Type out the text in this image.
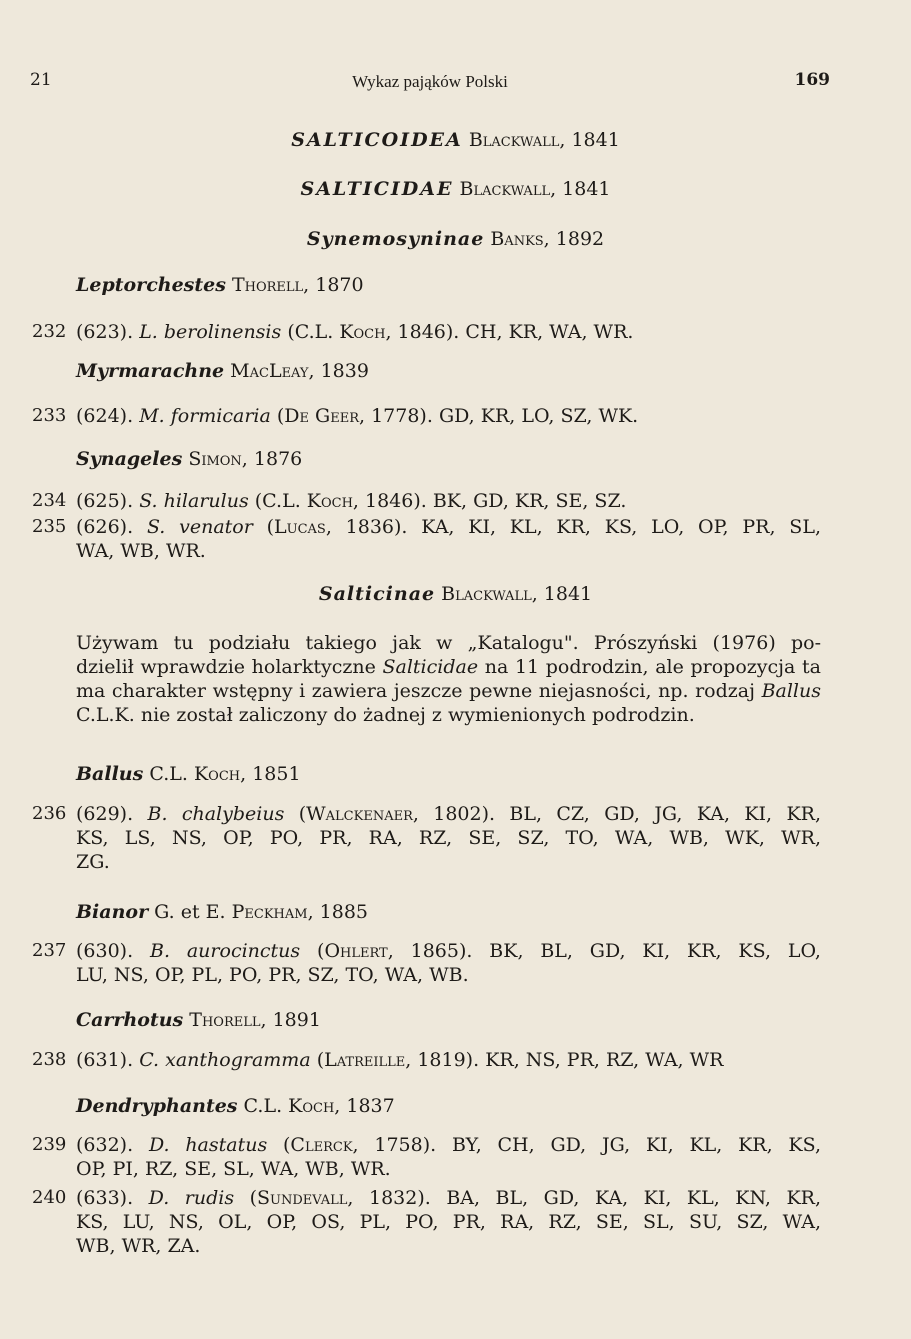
21	Wykaz pająków Polski	169
SALTICOIDEA Blackwall, 1841
SALTICIDAE Blackwall, 1841
Synemosyninae Banks, 1892
Leptorchestes Thorell, 1870
232 (623). L. berolinensis (C.L. Koch, 1846). CH, KR, WA, WR.
Myrmarachne MacLeay, 1839
233 (624). M. formicaria (De Geer, 1778). GD, KR, LO, SZ, WK.
Synageles Simon, 1876
234 (625). S. hilarulus (C.L. Koch, 1846). BK, GD, KR, SE, SZ.
235 (626). S. venator (Lucas, 1836). KA, KI, KL, KR, KS, LO, OP, PR, SL,
WA, WB, WR.
Salticinae Blackwall, 1841
Używam tu podziału takiego jak w „Katalogu". Prószyński (1976) po-
dzielił wprawdzie holarktyczne Salticidae na 11 podrodzin, ale propozycja ta
ma charakter wstępny i zawiera jeszcze pewne niejasności, np. rodzaj Ballus
C.L.K. nie został zaliczony do żadnej z wymienionych podrodzin.
Ballus C.L. Koch, 1851
236 (629). B. chalybeius (Walckenaer, 1802). BL, CZ, GD, JG, KA, KI, KR,
KS, LS, NS, OP, PO, PR, RA, RZ, SE, SZ, TO, WA, WB, WK, WR,
ZG.
Bianor G. et E. Peckham, 1885
237 (630). B. aurocinctus (Ohlert, 1865). BK, BL, GD, KI, KR, KS, LO,
LU, NS, OP, PL, PO, PR, SZ, TO, WA, WB.
Carrhotus Thorell, 1891
238 (631). C. xanthogramma (Latreille, 1819). KR, NS, PR, RZ, WA, WR
Dendryphantes C.L. Koch, 1837
239 (632). D. hastatus (Clerck, 1758). BY, CH, GD, JG, KI, KL, KR, KS,
OP, PI, RZ, SE, SL, WA, WB, WR.
240 (633). D. rudis (Sundevall, 1832). BA, BL, GD, KA, KI, KL, KN, KR,
KS, LU, NS, OL, OP, OS, PL, PO, PR, RA, RZ, SE, SL, SU, SZ, WA,
WB, WR, ZA.
